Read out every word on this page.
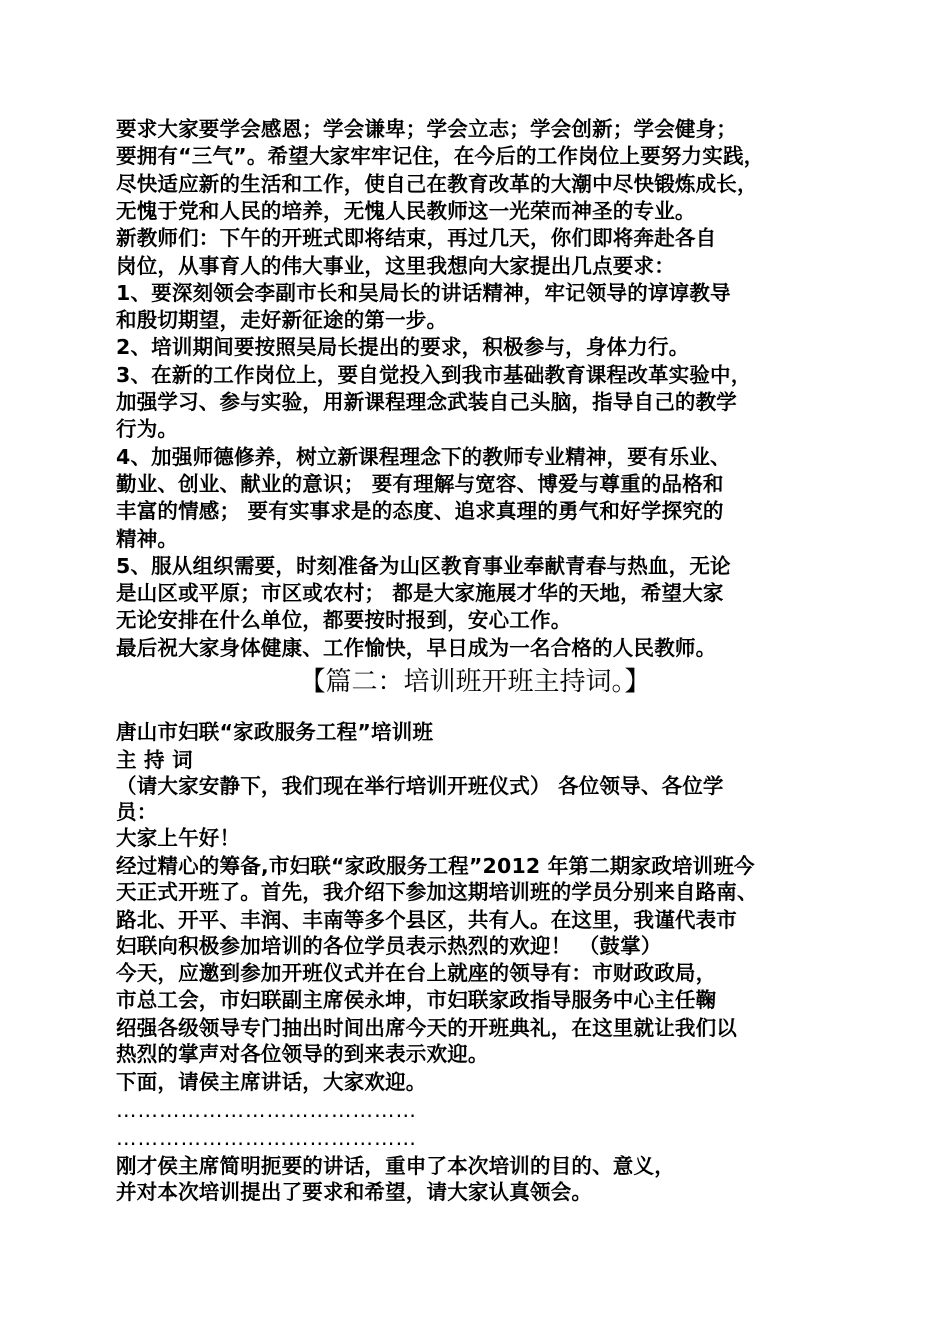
要求大家要学会感恩；学会谦卑；学会立志；学会创新；学会健身；
要拥有“三气”。希望大家牢牢记住，在今后的工作岗位上要努力实践，
尽快适应新的生活和工作，使自己在教育改革的大潮中尽快锻炼成长，
无愧于党和人民的培养，无愧人民教师这一光荣而神圣的专业。
新教师们：下午的开班式即将结束，再过几天，你们即将奔赴各自
岗位，从事育人的伟大事业，这里我想向大家提出几点要求：
1、要深刻领会李副市长和吴局长的讲话精神，牢记领导的谆谆教导
和殷切期望，走好新征途的第一步。
2、培训期间要按照吴局长提出的要求，积极参与，身体力行。
3、在新的工作岗位上，要自觉投入到我市基础教育课程改革实验中，
加强学习、参与实验，用新课程理念武装自己头脑，指导自己的教学
行为。
4、加强师德修养，树立新课程理念下的教师专业精神，要有乐业、
勤业、创业、献业的意识； 要有理解与宽容、博爱与尊重的品格和
丰富的情感； 要有实事求是的态度、追求真理的勇气和好学探究的
精神。
5、服从组织需要，时刻准备为山区教育事业奉献青春与热血，无论
是山区或平原；市区或农村； 都是大家施展才华的天地，希望大家
无论安排在什么单位，都要按时报到，安心工作。
最后祝大家身体健康、工作愉快，早日成为一名合格的人民教师。
【篇二：培训班开班主持词。】
唐山市妇联“家政服务工程”培训班
主 持 词
（请大家安静下，我们现在举行培训开班仪式） 各位领导、各位学
员：
大家上午好！
经过精心的筹备,市妇联“家政服务工程”2012 年第二期家政培训班今
天正式开班了。首先，我介绍下参加这期培训班的学员分别来自路南、
路北、开平、丰润、丰南等多个县区，共有人。在这里，我谨代表市
妇联向积极参加培训的各位学员表示热烈的欢迎！ （鼓掌）
今天，应邀到参加开班仪式并在台上就座的领导有：市财政政局，
市总工会，市妇联副主席侯永坤，市妇联家政指导服务中心主任鞠
绍强各级领导专门抽出时间出席今天的开班典礼，在这里就让我们以
热烈的掌声对各位领导的到来表示欢迎。
下面，请侯主席讲话，大家欢迎。
……………………………………
……………………………………
刚才侯主席简明扼要的讲话，重申了本次培训的目的、意义，
并对本次培训提出了要求和希望，请大家认真领会。
